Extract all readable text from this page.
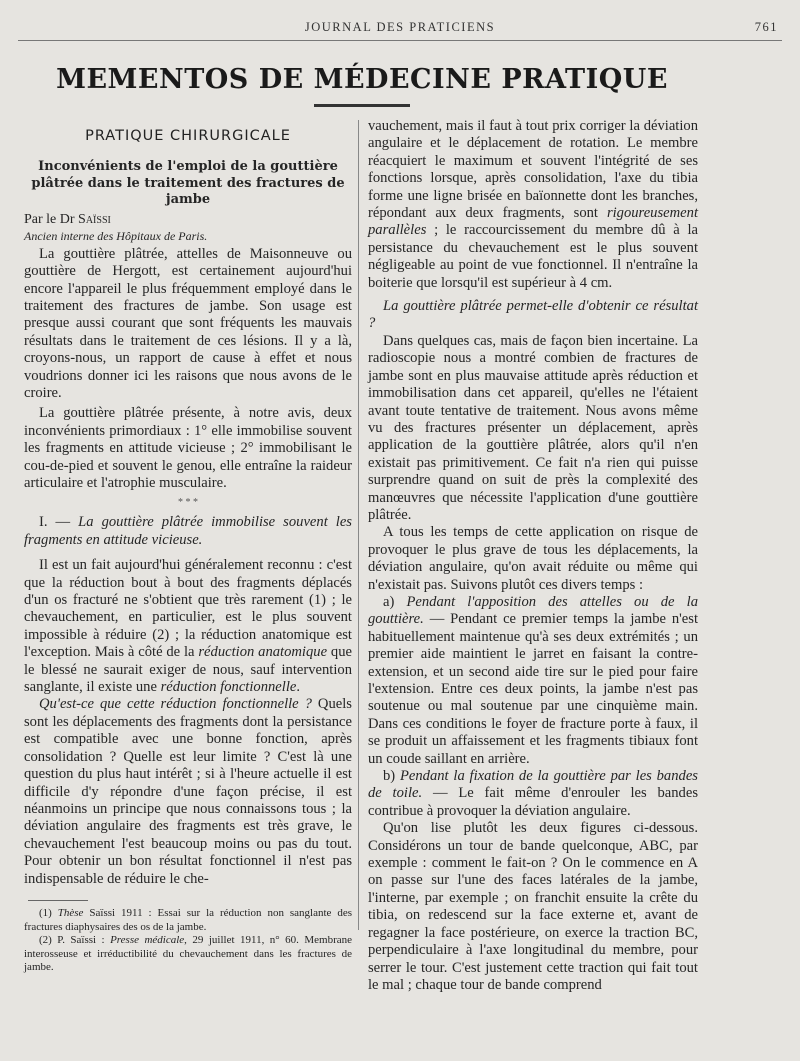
JOURNAL DES PRATICIENS	761
MEMENTOS DE MÉDECINE PRATIQUE
PRATIQUE CHIRURGICALE
Inconvénients de l'emploi de la gouttière
plâtrée dans le traitement des fractures de jambe

Par le Dr Saïssi

Ancien interne des Hôpitaux de Paris.

La gouttière plâtrée, attelles de Maisonneuve ou gouttière de Hergott, est certainement aujourd'hui encore l'appareil le plus fréquemment employé dans le traitement des fractures de jambe. Son usage est presque aussi courant que sont fréquents les mauvais résultats dans le traitement de ces lésions. Il y a là, croyons-nous, un rapport de cause à effet et nous voudrions donner ici les raisons que nous avons de le croire.

La gouttière plâtrée présente, à notre avis, deux inconvénients primordiaux : 1° elle immobilise souvent les fragments en attitude vicieuse ; 2° immobilisant le cou-de-pied et souvent le genou, elle entraîne la raideur articulaire et l'atrophie musculaire.

* * *

I. — La gouttière plâtrée immobilise souvent les fragments en attitude vicieuse.

Il est un fait aujourd'hui généralement reconnu : c'est que la réduction bout à bout des fragments déplacés d'un os fracturé ne s'obtient que très rarement (1) ; le chevauchement, en particulier, est le plus souvent impossible à réduire (2) ; la réduction anatomique est l'exception. Mais à côté de la réduction anatomique que le blessé ne saurait exiger de nous, sauf intervention sanglante, il existe une réduction fonctionnelle.

Qu'est-ce que cette réduction fonctionnelle ? Quels sont les déplacements des fragments dont la persistance est compatible avec une bonne fonction, après consolidation ? Quelle est leur limite ? C'est là une question du plus haut intérêt ; si à l'heure actuelle il est difficile d'y répondre d'une façon précise, il est néanmoins un principe que nous connaissons tous ; la déviation angulaire des fragments est très grave, le chevauchement l'est beaucoup moins ou pas du tout. Pour obtenir un bon résultat fonctionnel il n'est pas indispensable de réduire le che-

(1) Thèse Saïssi 1911 : Essai sur la réduction non sanglante des fractures diaphysaires des os de la jambe.

(2) P. Saïssi : Presse médicale, 29 juillet 1911, n° 60. Membrane interosseuse et irréductibilité du chevauchement dans les fractures de jambe.

vauchement, mais il faut à tout prix corriger la déviation angulaire et le déplacement de rotation. Le membre réacquiert le maximum et souvent l'intégrité de ses fonctions lorsque, après consolidation, l'axe du tibia forme une ligne brisée en baïonnette dont les branches, répondant aux deux fragments, sont rigoureusement parallèles ; le raccourcissement du membre dû à la persistance du chevauchement est le plus souvent négligeable au point de vue fonctionnel. Il n'entraîne la boiterie que lorsqu'il est supérieur à 4 cm.

La gouttière plâtrée permet-elle d'obtenir ce résultat ?

Dans quelques cas, mais de façon bien incertaine. La radioscopie nous a montré combien de fractures de jambe sont en plus mauvaise attitude après réduction et immobilisation dans cet appareil, qu'elles ne l'étaient avant toute tentative de traitement. Nous avons même vu des fractures présenter un déplacement, après application de la gouttière plâtrée, alors qu'il n'en existait pas primitivement. Ce fait n'a rien qui puisse surprendre quand on suit de près la complexité des manœuvres que nécessite l'application d'une gouttière plâtrée.

A tous les temps de cette application on risque de provoquer le plus grave de tous les déplacements, la déviation angulaire, qu'on avait réduite ou même qui n'existait pas. Suivons plutôt ces divers temps :

a) Pendant l'apposition des attelles ou de la gouttière. — Pendant ce premier temps la jambe n'est habituellement maintenue qu'à ses deux extrémités ; un premier aide maintient le jarret en faisant la contre-extension, et un second aide tire sur le pied pour faire l'extension. Entre ces deux points, la jambe n'est pas soutenue ou mal soutenue par une cinquième main. Dans ces conditions le foyer de fracture porte à faux, il se produit un affaissement et les fragments tibiaux font un coude saillant en arrière.

b) Pendant la fixation de la gouttière par les bandes de toile. — Le fait même d'enrouler les bandes contribue à provoquer la déviation angulaire.

Qu'on lise plutôt les deux figures ci-dessous. Considérons un tour de bande quelconque, ABC, par exemple : comment le fait-on ? On le commence en A on passe sur l'une des faces latérales de la jambe, l'interne, par exemple ; on franchit ensuite la crête du tibia, on redescend sur la face externe et, avant de regagner la face postérieure, on exerce la traction BC, perpendiculaire à l'axe longitudinal du membre, pour serrer le tour. C'est justement cette traction qui fait tout le mal ; chaque tour de bande comprend
